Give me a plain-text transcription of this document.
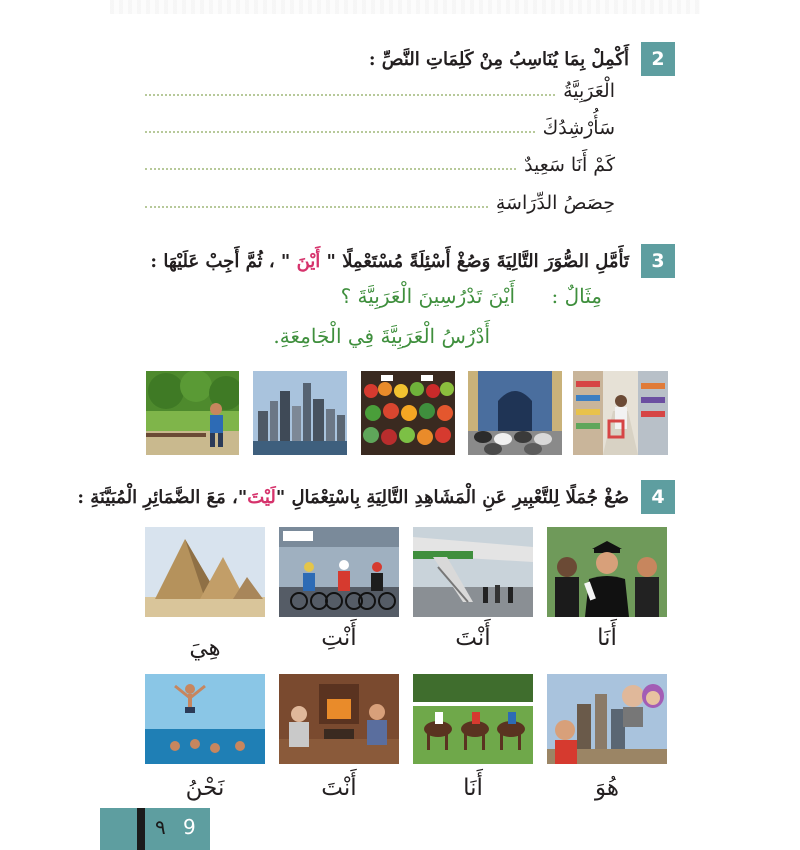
2
أَكْمِلْ بِمَا يُنَاسِبُ مِنْ كَلِمَاتِ النَّصِّ :
الْعَرَبِيَّةُ
سَأُرْشِدُكَ
كَمْ أَنَا سَعِيدٌ
حِصَصُ الدِّرَاسَةِ
3
تَأَمَّلِ الصُّوَرَ التَّالِيَةَ وَصُغْ أَسْئِلَةً مُسْتَعْمِلًا " أَيْنَ " ، ثُمَّ أَجِبْ عَلَيْهَا :
مِثَالٌ :
أَيْنَ تَدْرُسِينَ الْعَرَبِيَّةَ ؟
أَدْرُسُ الْعَرَبِيَّةَ فِي الْجَامِعَةِ.
4
صُغْ جُمَلًا لِلتَّعْبِيرِ عَنِ الْمَشَاهِدِ التَّالِيَةِ بِاسْتِعْمَالِ "لَيْتَ"، مَعَ الضَّمَائِرِ الْمُبَيَّنَةِ :
أَنَا
أَنْتَ
أَنْتِ
هِيَ
هُوَ
أَنَا
أَنْتَ
نَحْنُ
٩ 9
